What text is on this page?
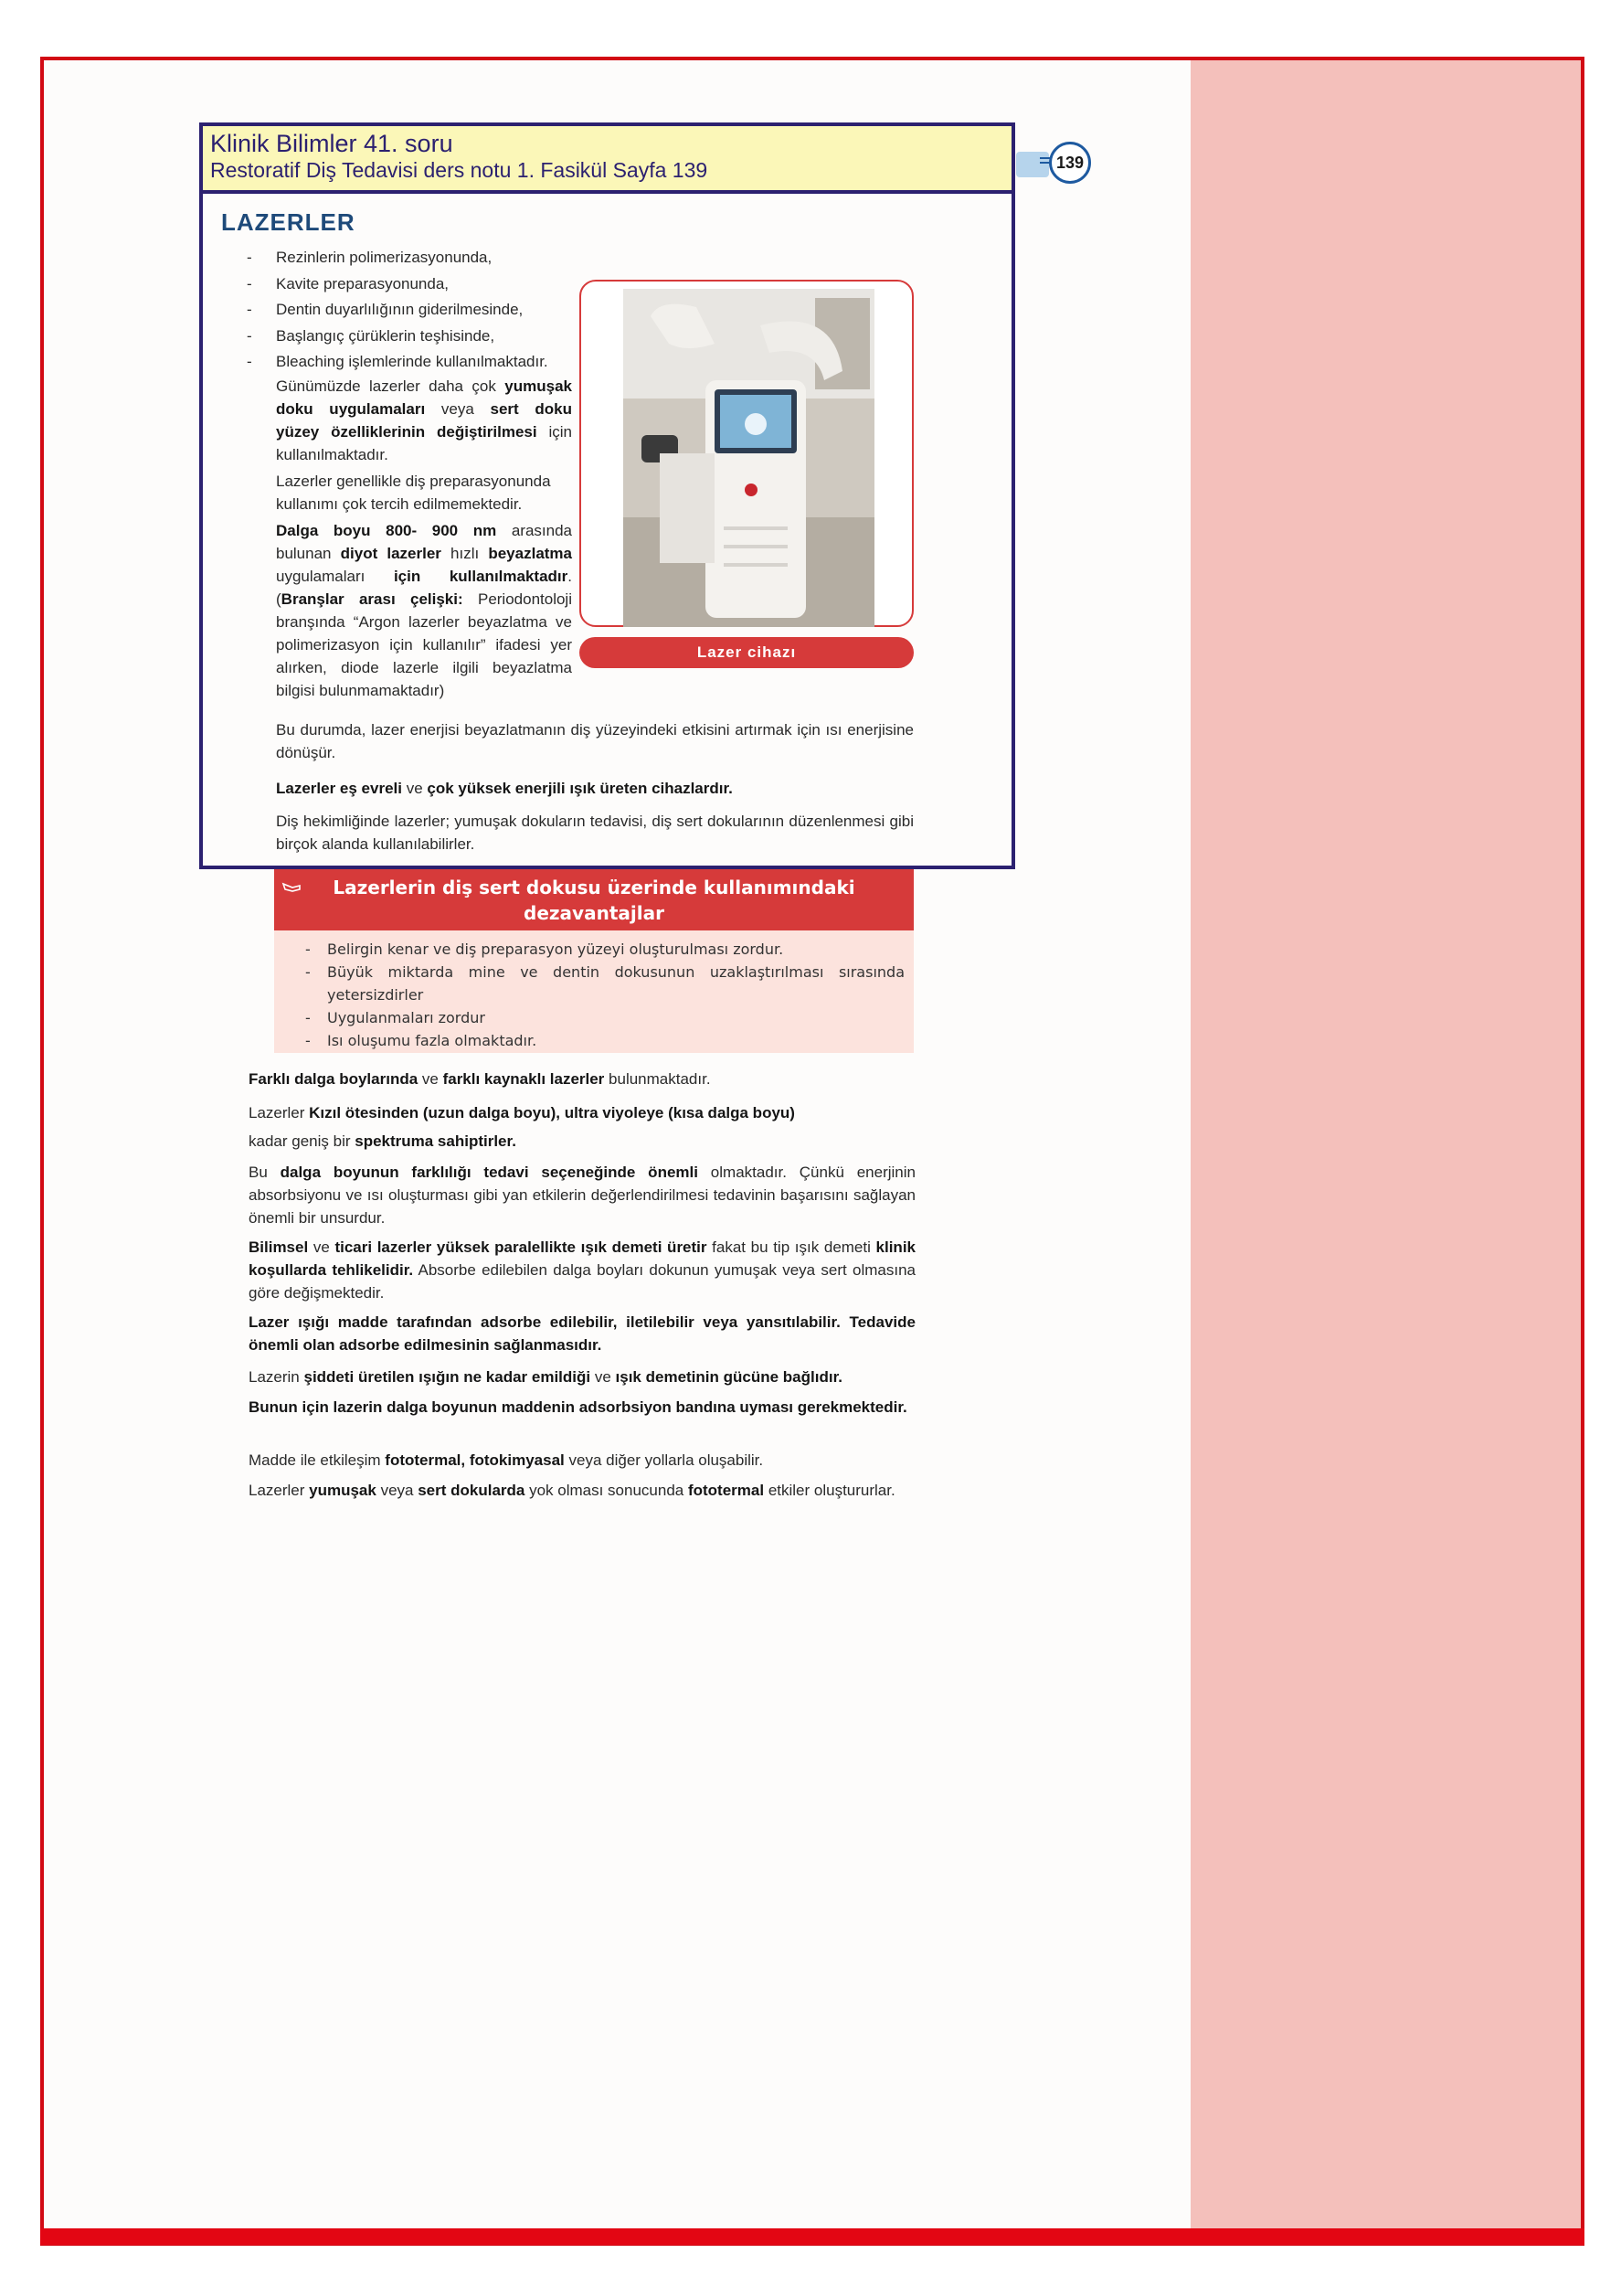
Klinik Bilimler 41. soru
Restoratif Diş Tedavisi ders notu 1. Fasikül Sayfa 139	139
LAZERLER
- Rezinlerin polimerizasyonunda,
- Kavite preparasyonunda,
- Dentin duyarlılığının giderilmesinde,
- Başlangıç çürüklerin teşhisinde,
- Bleaching işlemlerinde kullanılmaktadır.
Günümüzde lazerler daha çok yumuşak doku uygulamaları veya sert doku yüzey özelliklerinin değiştirilmesi için kullanılmaktadır.
Lazerler genellikle diş preparasyonunda kullanımı çok tercih edilmemektedir.
Dalga boyu 800- 900 nm arasında bulunan diyot lazerler hızlı beyazlatma uygulamaları için kullanılmaktadır. (Branşlar arası çelişki: Periodontoloji branşında “Argon lazerler beyazlatma ve polimerizasyon için kullanılır” ifadesi yer alırken, diode lazerle ilgili beyazlatma bilgisi bulunmamaktadır)
Lazer cihazı
Bu durumda, lazer enerjisi beyazlatmanın diş yüzeyindeki etkisini artırmak için ısı enerjisine dönüşür.
Lazerler eş evreli ve çok yüksek enerjili ışık üreten cihazlardır.
Diş hekimliğinde lazerler; yumuşak dokuların tedavisi, diş sert dokularının düzenlenmesi gibi birçok alanda kullanılabilirler.
Lazerlerin diş sert dokusu üzerinde kullanımındaki
dezavantajlar
- Belirgin kenar ve diş preparasyon yüzeyi oluşturulması zordur.
- Büyük miktarda mine ve dentin dokusunun uzaklaştırılması sırasında yetersizdirler
- Uygulanmaları zordur
- Isı oluşumu fazla olmaktadır.
Farklı dalga boylarında ve farklı kaynaklı lazerler bulunmaktadır.
Lazerler Kızıl ötesinden (uzun dalga boyu), ultra viyoleye (kısa dalga boyu)
kadar geniş bir spektruma sahiptirler.
Bu dalga boyunun farklılığı tedavi seçeneğinde önemli olmaktadır. Çünkü enerjinin absorbsiyonu ve ısı oluşturması gibi yan etkilerin değerlendirilmesi tedavinin başarısını sağlayan önemli bir unsurdur.
Bilimsel ve ticari lazerler yüksek paralellikte ışık demeti üretir fakat bu tip ışık demeti klinik koşullarda tehlikelidir. Absorbe edilebilen dalga boyları dokunun yumuşak veya sert olmasına göre değişmektedir.
Lazer ışığı madde tarafından adsorbe edilebilir, iletilebilir veya yansıtılabilir. Tedavide önemli olan adsorbe edilmesinin sağlanmasıdır.
Lazerin şiddeti üretilen ışığın ne kadar emildiği ve ışık demetinin gücüne bağlıdır.
Bunun için lazerin dalga boyunun maddenin adsorbsiyon bandına uyması gerekmektedir.
Madde ile etkileşim fototermal, fotokimyasal veya diğer yollarla oluşabilir.
Lazerler yumuşak veya sert dokularda yok olması sonucunda fototermal etkiler oluştururlar.
